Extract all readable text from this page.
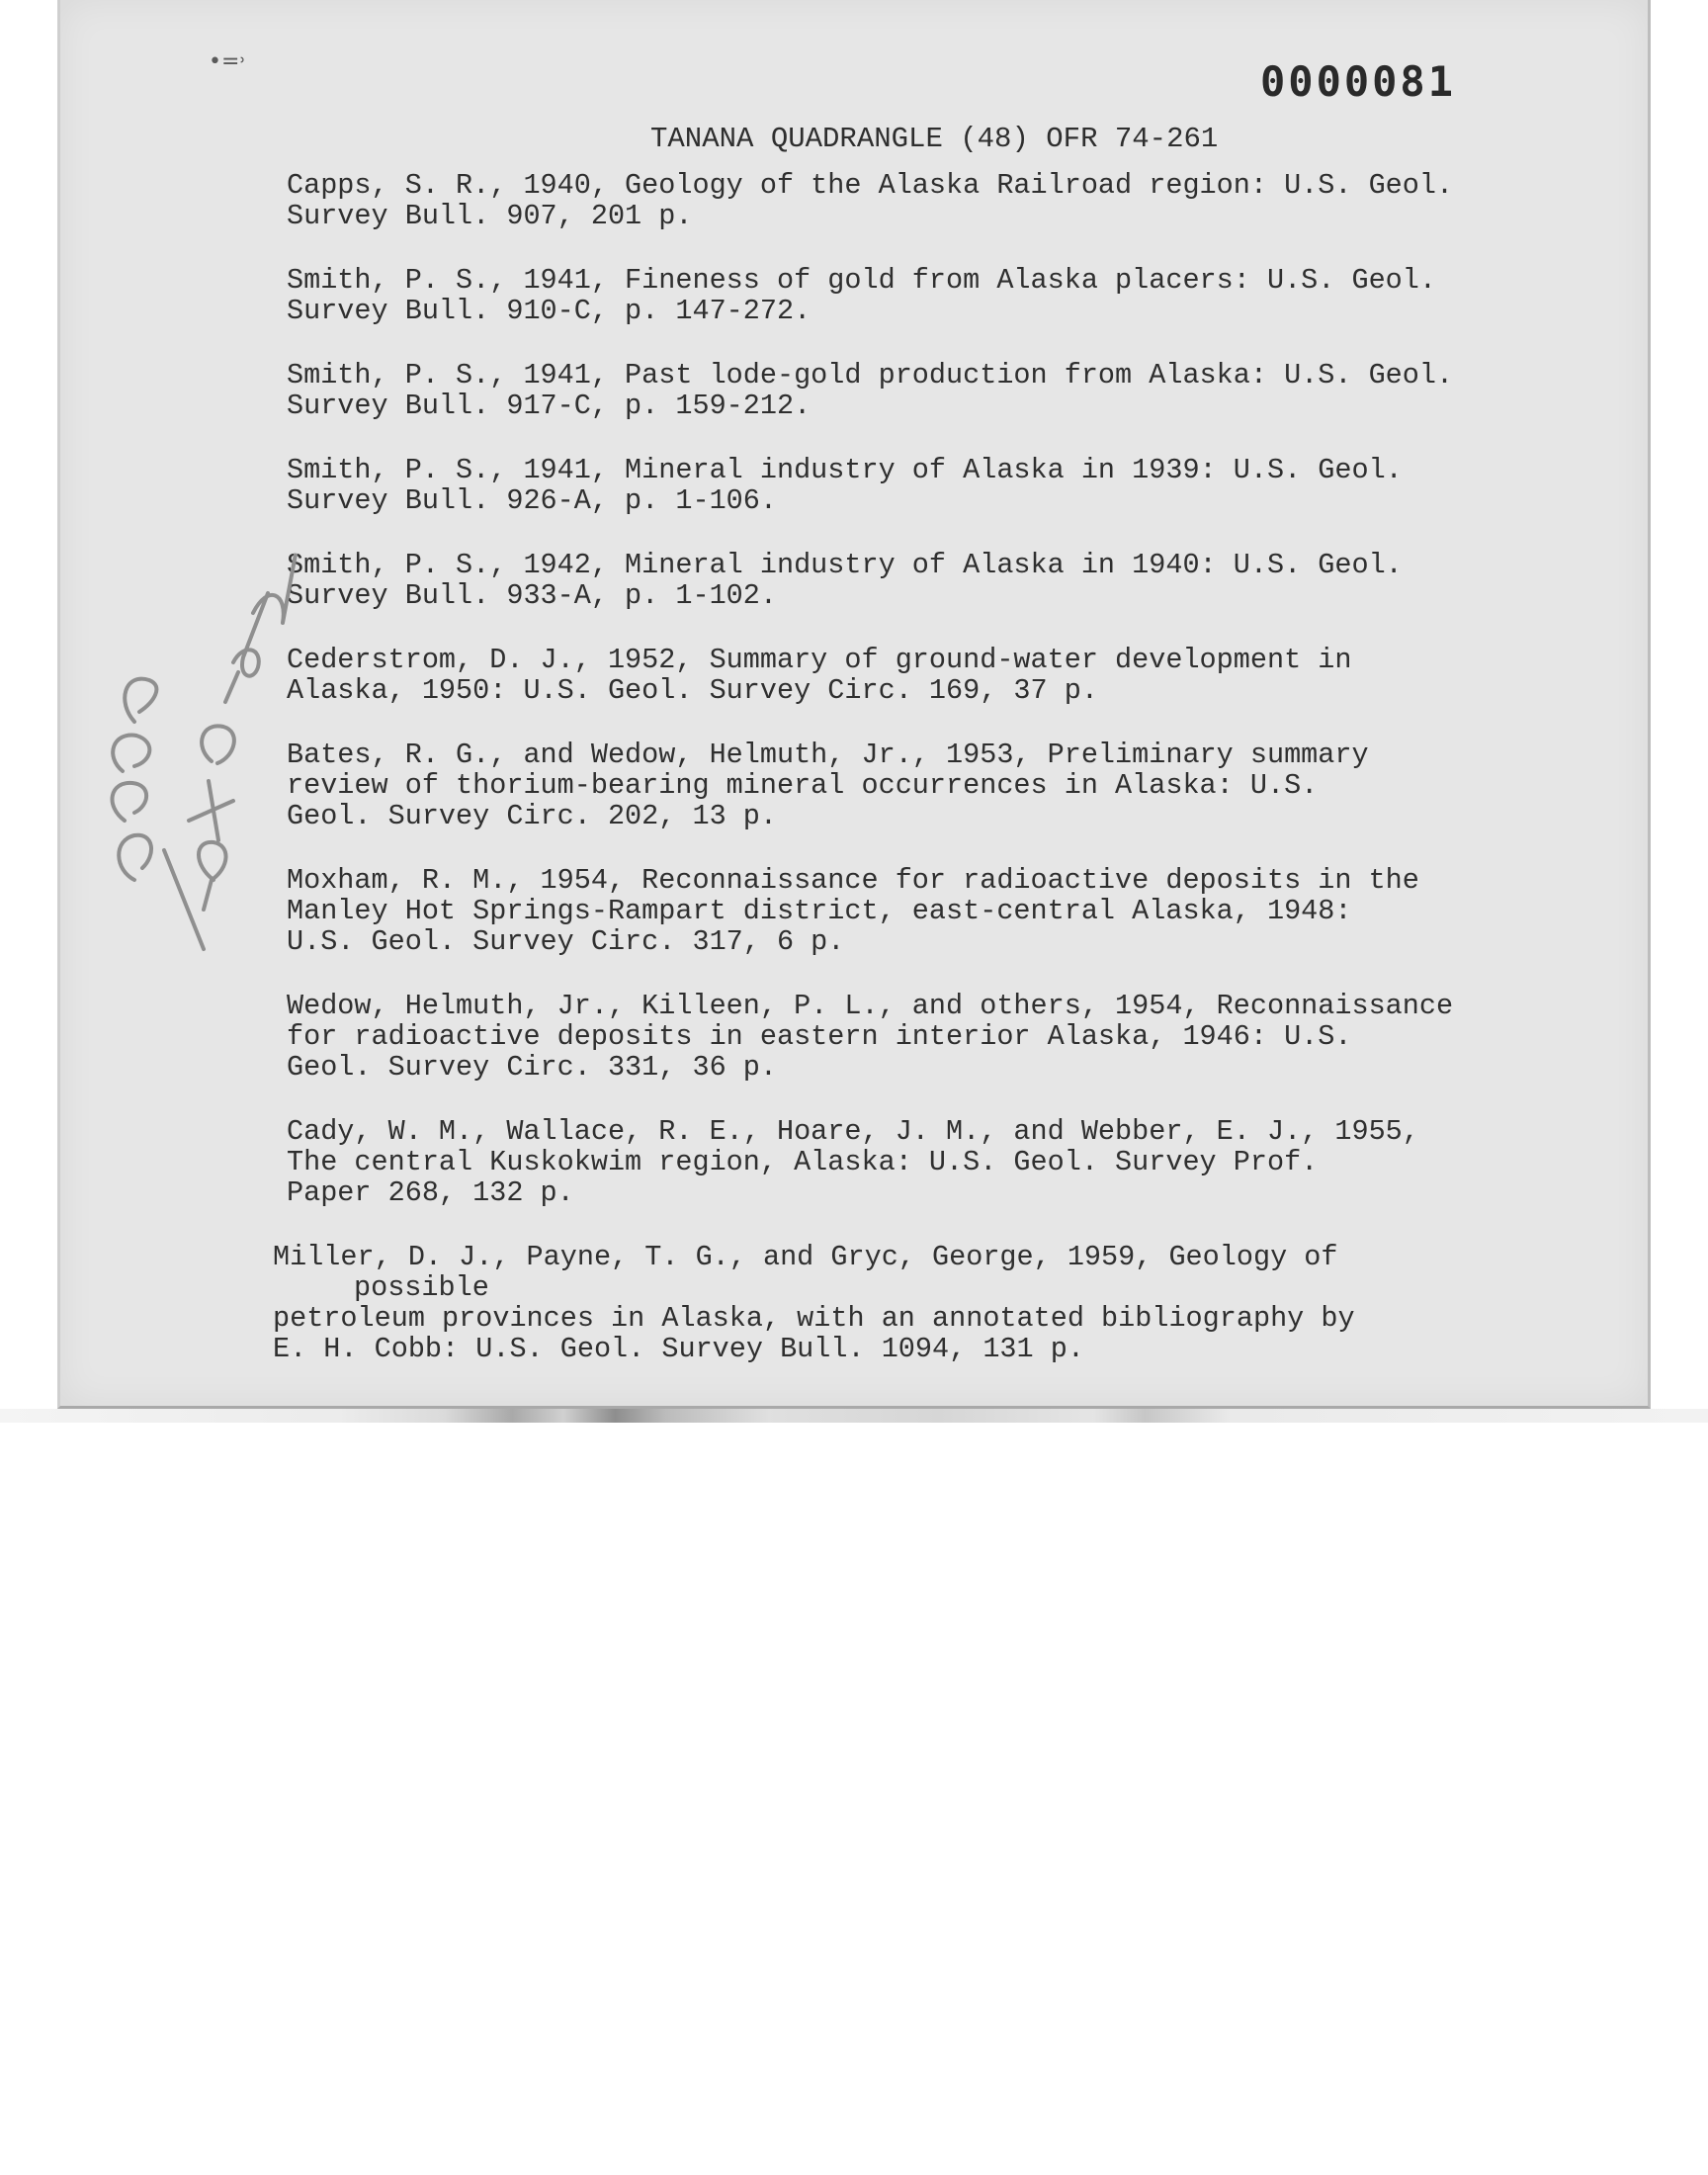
•=˒	0000081
TANANA QUADRANGLE (48) OFR 74-261
Capps, S. R., 1940, Geology of the Alaska Railroad region: U.S. Geol.
Survey Bull. 907, 201 p.
Smith, P. S., 1941, Fineness of gold from Alaska placers: U.S. Geol.
Survey Bull. 910-C, p. 147-272.
Smith, P. S., 1941, Past lode-gold production from Alaska: U.S. Geol.
Survey Bull. 917-C, p. 159-212.
Smith, P. S., 1941, Mineral industry of Alaska in 1939: U.S. Geol.
Survey Bull. 926-A, p. 1-106.
Smith, P. S., 1942, Mineral industry of Alaska in 1940: U.S. Geol.
Survey Bull. 933-A, p. 1-102.
Cederstrom, D. J., 1952, Summary of ground-water development in
Alaska, 1950: U.S. Geol. Survey Circ. 169, 37 p.
Bates, R. G., and Wedow, Helmuth, Jr., 1953, Preliminary summary
review of thorium-bearing mineral occurrences in Alaska: U.S.
Geol. Survey Circ. 202, 13 p.
Moxham, R. M., 1954, Reconnaissance for radioactive deposits in the
Manley Hot Springs-Rampart district, east-central Alaska, 1948:
U.S. Geol. Survey Circ. 317, 6 p.
Wedow, Helmuth, Jr., Killeen, P. L., and others, 1954, Reconnaissance
for radioactive deposits in eastern interior Alaska, 1946: U.S.
Geol. Survey Circ. 331, 36 p.
Cady, W. M., Wallace, R. E., Hoare, J. M., and Webber, E. J., 1955,
The central Kuskokwim region, Alaska: U.S. Geol. Survey Prof.
Paper 268, 132 p.
Miller, D. J., Payne, T. G., and Gryc, George, 1959, Geology of possible
petroleum provinces in Alaska, with an annotated bibliography by
E. H. Cobb: U.S. Geol. Survey Bull. 1094, 131 p.
